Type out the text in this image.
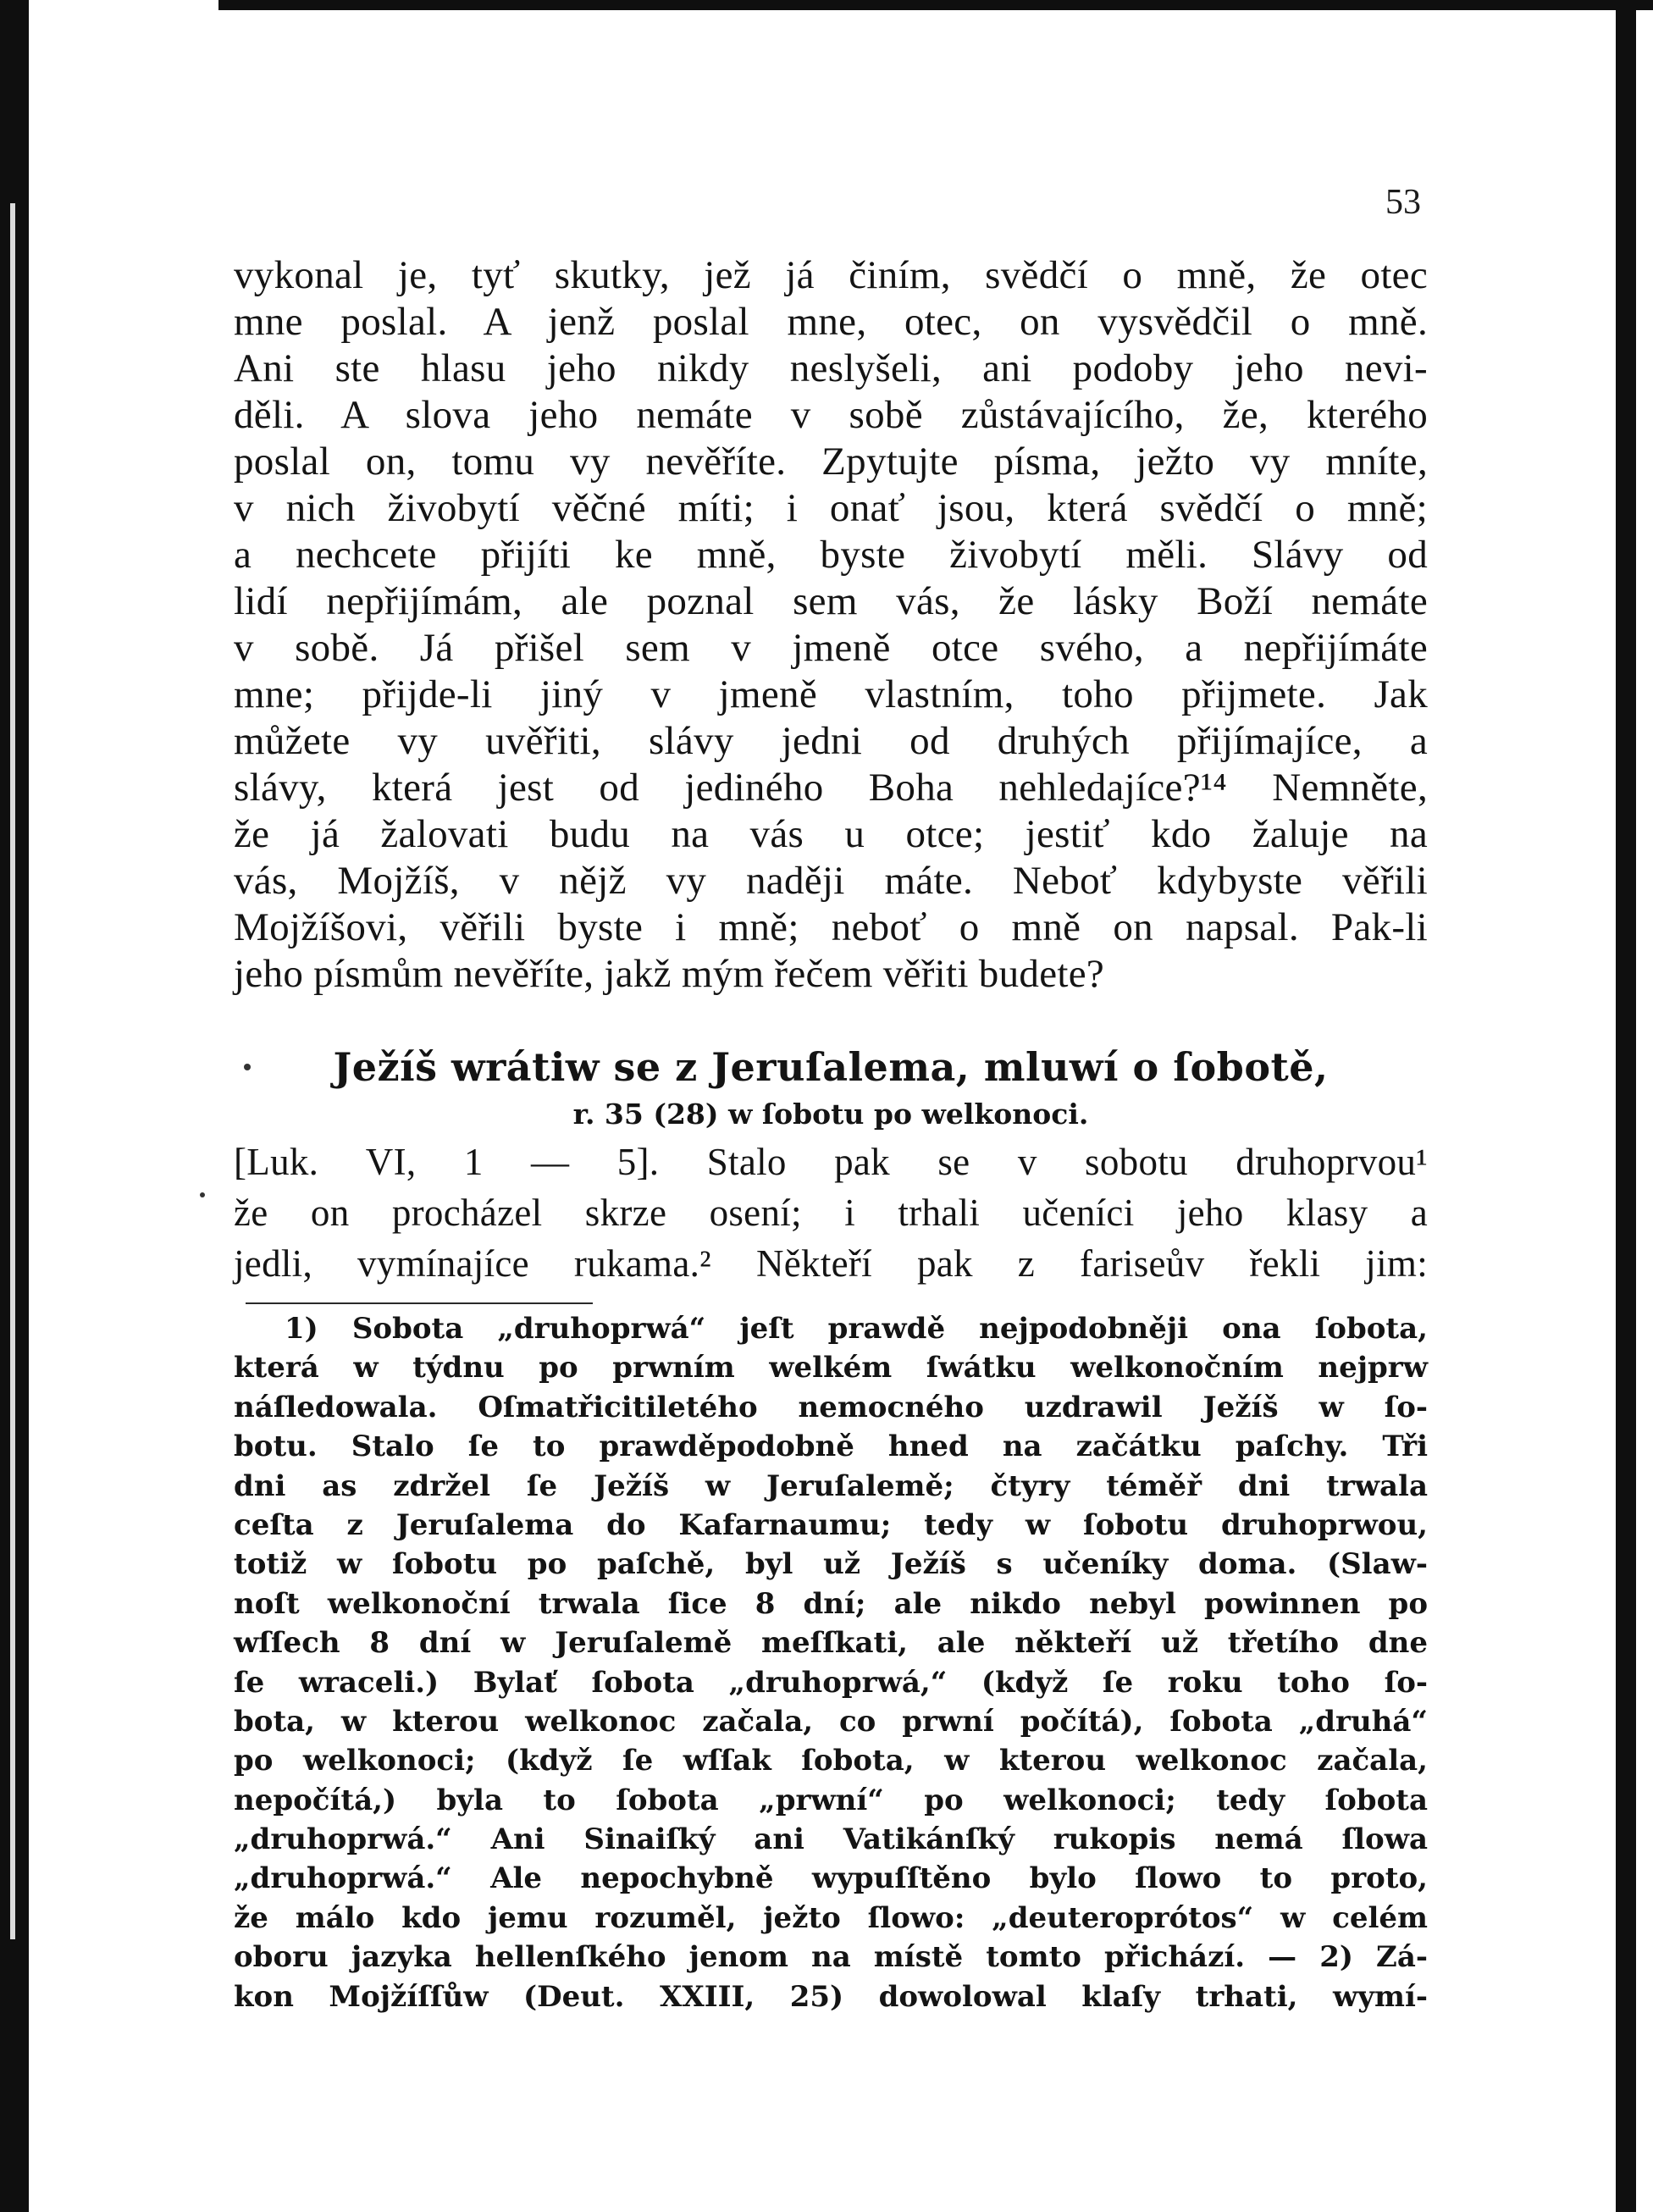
53
vykonal je, tyť skutky, jež já činím, svědčí o mně, že otec
mne poslal. A jenž poslal mne, otec, on vysvědčil o mně.
Ani ste hlasu jeho nikdy neslyšeli, ani podoby jeho nevi-
děli. A slova jeho nemáte v sobě zůstávajícího, že, kterého
poslal on, tomu vy nevěříte. Zpytujte písma, ježto vy mníte,
v nich živobytí věčné míti; i onať jsou, která svědčí o mně;
a nechcete přijíti ke mně, byste živobytí měli. Slávy od
lidí nepřijímám, ale poznal sem vás, že lásky Boží nemáte
v sobě. Já přišel sem v jmeně otce svého, a nepřijímáte
mne; přijde-li jiný v jmeně vlastním, toho přijmete. Jak
můžete vy uvěřiti, slávy jedni od druhých přijímajíce, a
slávy, která jest od jediného Boha nehledajíce?¹⁴ Nemněte,
že já žalovati budu na vás u otce; jestiť kdo žaluje na
vás, Mojžíš, v nějž vy naději máte. Neboť kdybyste věřili
Mojžíšovi, věřili byste i mně; neboť o mně on napsal. Pak-li
jeho písmům nevěříte, jakž mým řečem věřiti budete?
Ježíš wrátiw se z Jeruſalema, mluwí o ſobotě,
r. 35 (28) w ſobotu po welkonoci.
[Luk. VI, 1 — 5]. Stalo pak se v sobotu druhoprvou¹
že on procházel skrze osení; i trhali učeníci jeho klasy a
jedli, vymínajíce rukama.² Někteří pak z fariseův řekli jim:
1) Sobota „druhoprwá“ jeſt prawdě nejpodobněji ona ſobota,
která w týdnu po prwním welkém ſwátku welkonočním nejprw
náſledowala. Oſmatřicitiletého nemocného uzdrawil Ježíš w ſo-
botu. Stalo ſe to prawděpodobně hned na začátku paſchy. Tři
dni as zdržel ſe Ježíš w Jeruſalemě; čtyry téměř dni trwala
ceſta z Jeruſalema do Kafarnaumu; tedy w ſobotu druhoprwou,
totiž w ſobotu po paſchě, byl už Ježíš s učeníky doma. (Slaw-
noſt welkonoční trwala ſice 8 dní; ale nikdo nebyl powinnen po
wſſech 8 dní w Jeruſalemě meſſkati, ale někteří už třetího dne
ſe wraceli.) Bylať ſobota „druhoprwá,“ (když ſe roku toho ſo-
bota, w kterou welkonoc začala, co prwní počítá), ſobota „druhá“
po welkonoci; (když ſe wſſak ſobota, w kterou welkonoc začala,
nepočítá,) byla to ſobota „prwní“ po welkonoci; tedy ſobota
„druhoprwá.“ Ani Sinaiſký ani Vatikánſký rukopis nemá ſlowa
„druhoprwá.“ Ale nepochybně wypuſſtěno bylo ſlowo to proto,
že málo kdo jemu rozuměl, ježto ſlowo: „deuteroprótos“ w celém
oboru jazyka hellenſkého jenom na místě tomto přichází. — 2) Zá-
kon Mojžíſſůw (Deut. XXIII, 25) dowolowal klaſy trhati, wymí-
